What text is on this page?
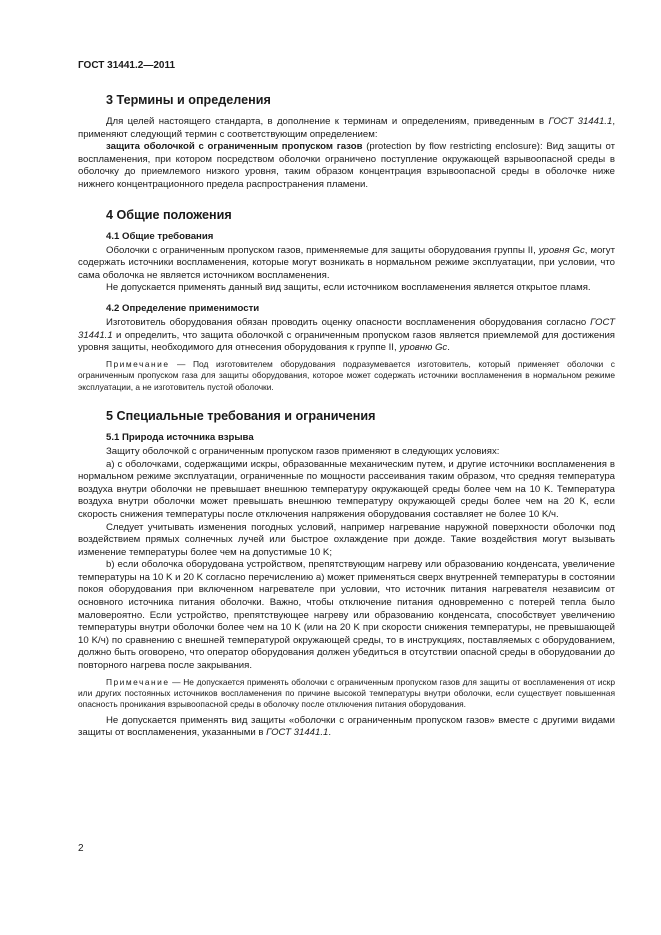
ГОСТ 31441.2—2011
3 Термины и определения

Для целей настоящего стандарта, в дополнение к терминам и определениям, приведенным в ГОСТ 31441.1, применяют следующий термин с соответствующим определением:

защита оболочкой с ограниченным пропуском газов (protection by flow restricting enclosure): Вид защиты от воспламенения, при котором посредством оболочки ограничено поступление окружающей взрывоопасной среды в оболочку до приемлемого низкого уровня, таким образом концентрация взрывоопасной среды в оболочке ниже нижнего концентрационного предела распространения пламени.

4 Общие положения
4.1 Общие требования

Оболочки с ограниченным пропуском газов, применяемые для защиты оборудования группы II, уровня Gc, могут содержать источники воспламенения, которые могут возникать в нормальном режиме эксплуатации, при условии, что сама оболочка не является источником воспламенения.

Не допускается применять данный вид защиты, если источником воспламенения является открытое пламя.

4.2 Определение применимости

Изготовитель оборудования обязан проводить оценку опасности воспламенения оборудования согласно ГОСТ 31441.1 и определить, что защита оболочкой с ограниченным пропуском газов является приемлемой для достижения уровня защиты, необходимого для отнесения оборудования к группе II, уровню Gc.

Примечание — Под изготовителем оборудования подразумевается изготовитель, который применяет оболочки с ограниченным пропуском газа для защиты оборудования, которое может содержать источники воспламенения в нормальном режиме эксплуатации, а не изготовитель пустой оболочки.

5 Специальные требования и ограничения
5.1 Природа источника взрыва

Защиту оболочкой с ограниченным пропуском газов применяют в следующих условиях:

a) с оболочками, содержащими искры, образованные механическим путем, и другие источники воспламенения в нормальном режиме эксплуатации, ограниченные по мощности рассеивания таким образом, что средняя температура воздуха внутри оболочки не превышает внешнюю температуру окружающей среды более чем на 10 K. Температура воздуха внутри оболочки может превышать внешнюю температуру окружающей среды более чем на 20 K, если скорость снижения температуры после отключения напряжения оборудования составляет не более 10 K/ч.

Следует учитывать изменения погодных условий, например нагревание наружной поверхности оболочки под воздействием прямых солнечных лучей или быстрое охлаждение при дожде. Такие воздействия могут вызывать изменение температуры более чем на допустимые 10 K;

b) если оболочка оборудована устройством, препятствующим нагреву или образованию конденсата, увеличение температуры на 10 K и 20 K согласно перечислению a) может применяться сверх внутренней температуры в состоянии покоя оборудования при включенном нагревателе при условии, что источник питания нагревателя независим от основного источника питания оболочки. Важно, чтобы отключение питания одновременно с потерей тепла было маловероятно. Если устройство, препятствующее нагреву или образованию конденсата, способствует увеличению температуры внутри оболочки более чем на 10 K (или на 20 K при скорости снижения температуры, не превышающей 10 K/ч) по сравнению с внешней температурой окружающей среды, то в инструкциях, поставляемых с оборудованием, должно быть оговорено, что оператор оборудования должен убедиться в отсутствии опасной среды в оборудовании до повторного нагрева после закрывания.

Примечание — Не допускается применять оболочки с ограниченным пропуском газов для защиты от воспламенения от искр или других постоянных источников воспламенения по причине высокой температуры внутри оболочки, если существует повышенная опасность проникания взрывоопасной среды в оболочку после отключения питания оборудования.

Не допускается применять вид защиты «оболочки с ограниченным пропуском газов» вместе с другими видами защиты от воспламенения, указанными в ГОСТ 31441.1.

2
